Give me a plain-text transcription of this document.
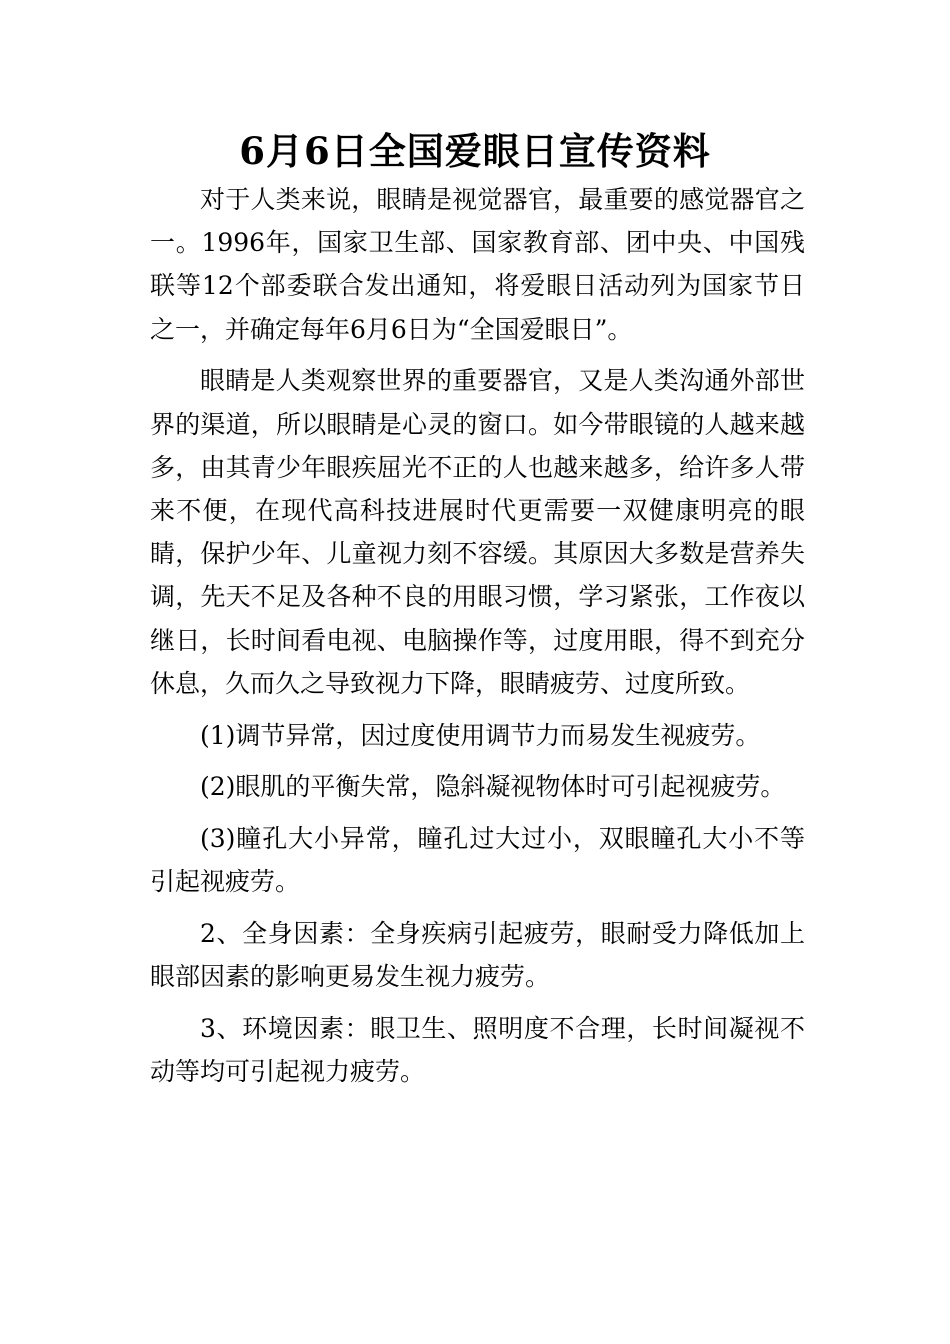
6月6日全国爱眼日宣传资料

对于人类来说，眼睛是视觉器官，最重要的感觉器官之一。1996年，国家卫生部、国家教育部、团中央、中国残联等12个部委联合发出通知，将爱眼日活动列为国家节日之一，并确定每年6月6日为“全国爱眼日”。

眼睛是人类观察世界的重要器官，又是人类沟通外部世界的渠道，所以眼睛是心灵的窗口。如今带眼镜的人越来越多，由其青少年眼疾屈光不正的人也越来越多，给许多人带来不便，在现代高科技进展时代更需要一双健康明亮的眼睛，保护少年、儿童视力刻不容缓。其原因大多数是营养失调，先天不足及各种不良的用眼习惯，学习紧张，工作夜以继日，长时间看电视、电脑操作等，过度用眼，得不到充分休息，久而久之导致视力下降，眼睛疲劳、过度所致。

(1)调节异常，因过度使用调节力而易发生视疲劳。

(2)眼肌的平衡失常，隐斜凝视物体时可引起视疲劳。

(3)瞳孔大小异常，瞳孔过大过小，双眼瞳孔大小不等引起视疲劳。

2、全身因素：全身疾病引起疲劳，眼耐受力降低加上眼部因素的影响更易发生视力疲劳。

3、环境因素：眼卫生、照明度不合理，长时间凝视不动等均可引起视力疲劳。
